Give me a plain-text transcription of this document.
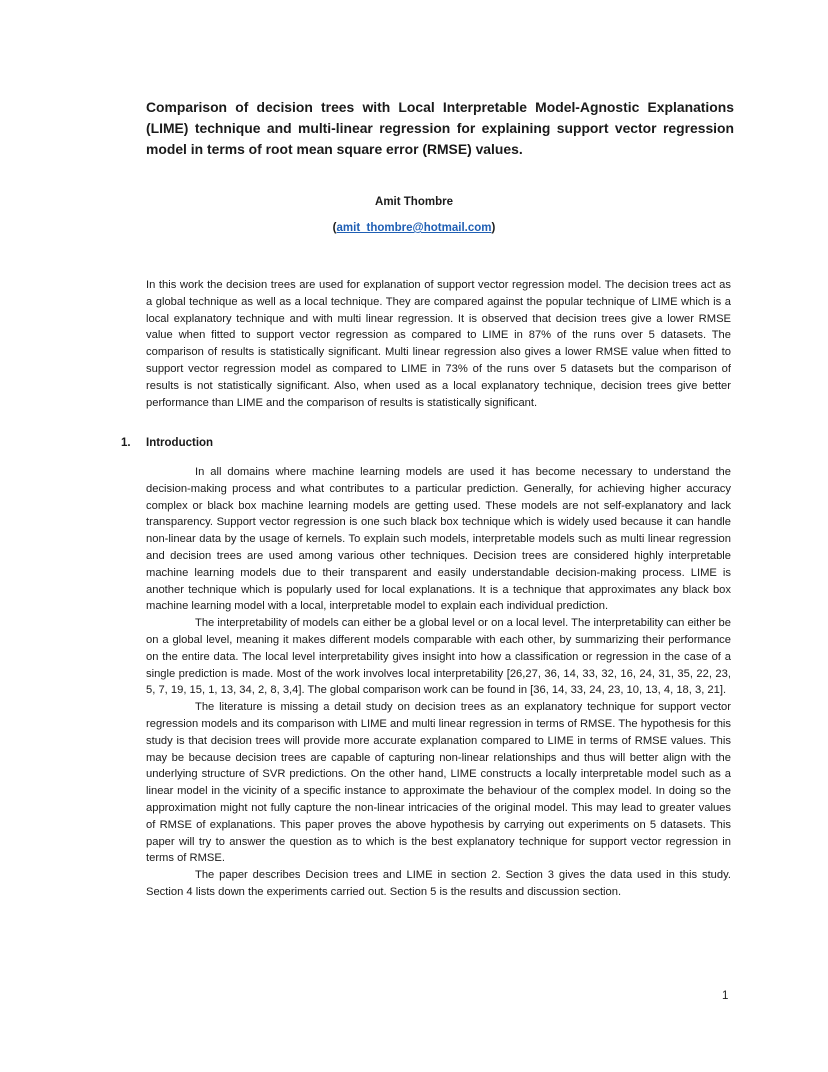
Comparison of decision trees with Local Interpretable Model-Agnostic Explanations (LIME) technique and multi-linear regression for explaining support vector regression model in terms of root mean square error (RMSE) values.

Amit Thombre

(amit_thombre@hotmail.com)

In this work the decision trees are used for explanation of support vector regression model. The decision trees act as a global technique as well as a local technique. They are compared against the popular technique of LIME which is a local explanatory technique and with multi linear regression. It is observed that decision trees give a lower RMSE value when fitted to support vector regression as compared to LIME in 87% of the runs over 5 datasets. The comparison of results is statistically significant. Multi linear regression also gives a lower RMSE value when fitted to support vector regression model as compared to LIME in 73% of the runs over 5 datasets but the comparison of results is not statistically significant. Also, when used as a local explanatory technique, decision trees give better performance than LIME and the comparison of results is statistically significant.

1. Introduction

In all domains where machine learning models are used it has become necessary to understand the decision-making process and what contributes to a particular prediction. Generally, for achieving higher accuracy complex or black box machine learning models are getting used. These models are not self-explanatory and lack transparency. Support vector regression is one such black box technique which is widely used because it can handle non-linear data by the usage of kernels. To explain such models, interpretable models such as multi linear regression and decision trees are used among various other techniques. Decision trees are considered highly interpretable machine learning models due to their transparent and easily understandable decision-making process. LIME is another technique which is popularly used for local explanations. It is a technique that approximates any black box machine learning model with a local, interpretable model to explain each individual prediction.

The interpretability of models can either be a global level or on a local level. The interpretability can either be on a global level, meaning it makes different models comparable with each other, by summarizing their performance on the entire data. The local level interpretability gives insight into how a classification or regression in the case of a single prediction is made. Most of the work involves local interpretability [26,27, 36, 14, 33, 32, 16, 24, 31, 35, 22, 23, 5, 7, 19, 15, 1, 13, 34, 2, 8, 3,4]. The global comparison work can be found in [36, 14, 33, 24, 23, 10, 13, 4, 18, 3, 21].

The literature is missing a detail study on decision trees as an explanatory technique for support vector regression models and its comparison with LIME and multi linear regression in terms of RMSE. The hypothesis for this study is that decision trees will provide more accurate explanation compared to LIME in terms of RMSE values. This may be because decision trees are capable of capturing non-linear relationships and thus will better align with the underlying structure of SVR predictions. On the other hand, LIME constructs a locally interpretable model such as a linear model in the vicinity of a specific instance to approximate the behaviour of the complex model. In doing so the approximation might not fully capture the non-linear intricacies of the original model. This may lead to greater values of RMSE of explanations. This paper proves the above hypothesis by carrying out experiments on 5 datasets. This paper will try to answer the question as to which is the best explanatory technique for support vector regression in terms of RMSE.

The paper describes Decision trees and LIME in section 2. Section 3 gives the data used in this study. Section 4 lists down the experiments carried out. Section 5 is the results and discussion section.

1
